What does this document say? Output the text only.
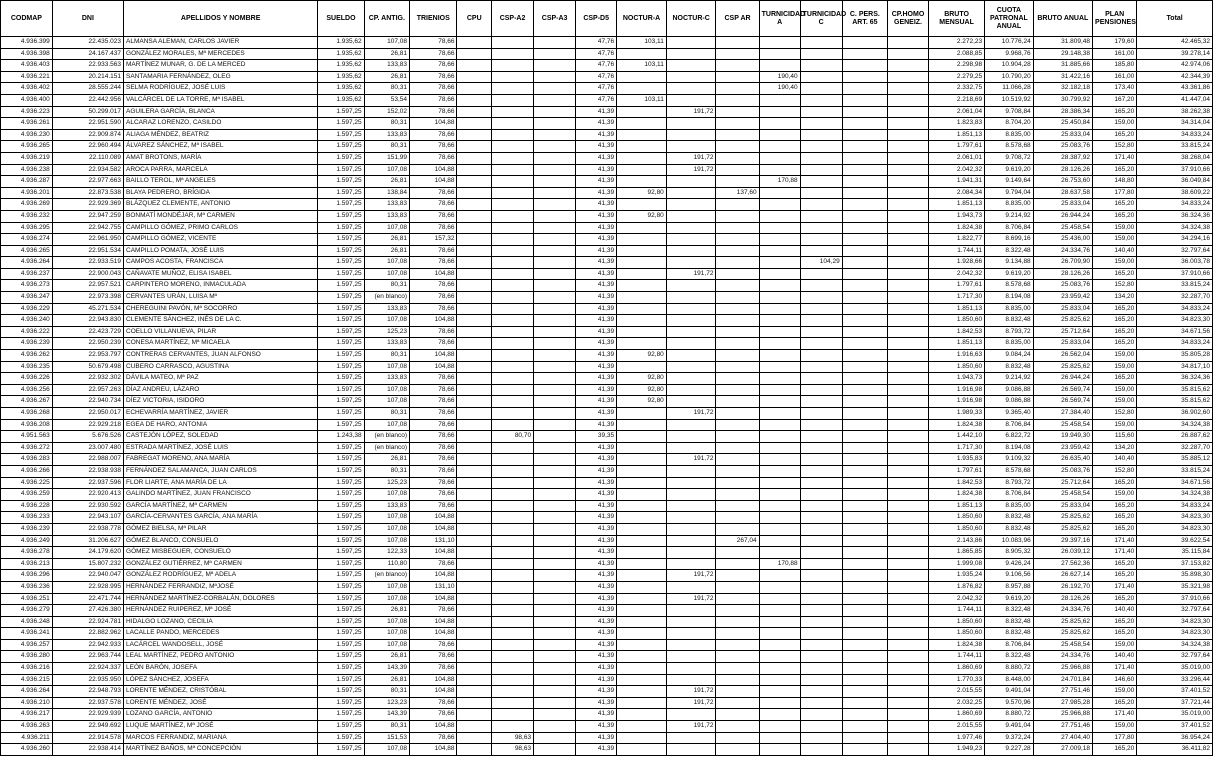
CODMAP	DNI	APELLIDOS Y NOMBRE	SUELDO	CP. ANTIG.	TRIENIOS	CPU	CSP-A2	CSP-A3	CSP-D5	NOCTUR-A	NOCTUR-C	CSP AR	TURNICIDAD A	TURNICIDAD C	C. PERS. ART. 65	CP.HOMO GENEIZ.	BRUTO MENSUAL	CUOTA PATRONAL ANUAL	BRUTO ANUAL	PLAN PENSIONES	Total
4.936.399	22.435.023	ALMANSA ALEMAN, CARLOS JAVIER	1.935,62	107,08	78,66				47,76	103,11							2.272,23	10.776,24	31.809,48	179,60	42.465,32
4.936.398	24.167.437	GONZÁLEZ MORALES, Mª MERCEDES	1.935,62	26,81	78,66				47,76								2.088,85	9.968,76	29.148,38	161,00	39.278,14
4.936.403	22.933.563	MARTÍNEZ MUNAR, G. DE LA MERCED	1.935,62	133,83	78,66				47,76	103,11							2.298,98	10.904,28	31.885,66	185,80	42.974,06
4.936.221	20.214.151	SANTAMARIA FERNÁNDEZ, OLEG	1.935,62	26,81	78,66				47,76				190,40				2.279,25	10.790,20	31.422,16	161,00	42.344,39
4.936.402	28.555.244	SELMA RODRÍGUEZ, JOSÉ LUIS	1.935,62	80,31	78,66				47,76				190,40				2.332,75	11.066,28	32.182,18	173,40	43.361,86
4.936.400	22.442.956	VALCÁRCEL DE LA TORRE, Mª ISABEL	1.935,62	53,54	78,66				47,76	103,11							2.218,69	10.519,92	30.799,92	167,20	41.447,04
4.936.223	50.299.017	AGUILERA GARCÍA, BLANCA	1.597,25	152,02	78,66				41,39		191,72						2.061,04	9.708,84	28.386,34	165,20	38.262,38
4.936.261	22.951.590	ALCARAZ LORENZO, CASILDO	1.597,25	80,31	104,88				41,39								1.823,83	8.704,20	25.450,84	159,00	34.314,04
4.936.230	22.909.874	ALIAGA MÉNDEZ, BEATRIZ	1.597,25	133,83	78,66				41,39								1.851,13	8.835,00	25.833,04	165,20	34.833,24
4.936.265	22.960.494	ÁLVAREZ SÁNCHEZ, Mª ISABEL	1.597,25	80,31	78,66				41,39								1.797,61	8.578,68	25.083,76	152,80	33.815,24
4.936.219	22.110.089	AMAT BROTONS, MARÍA	1.597,25	151,99	78,66				41,39		191,72						2.061,01	9.708,72	28.387,92	171,40	38.268,04
4.936.238	22.934.582	AROCA PARRA, MARCELA	1.597,25	107,08	104,88				41,39		191,72						2.042,32	9.619,20	28.126,26	165,20	37.910,66
4.936.287	22.977.663	BAILLO TEROL, Mª ANGELES	1.597,25	26,81	104,88				41,39				170,88				1.941,31	9.149,64	26.753,60	148,80	36.049,84
4.936.201	22.873.538	BLAYA PEDRERO, BRÍGIDA	1.597,25	138,84	78,66				41,39	92,80		137,60					2.084,34	9.794,04	28.637,58	177,80	38.609,22
4.936.269	22.929.369	BLÁZQUEZ CLEMENTE, ANTONIO	1.597,25	133,83	78,66				41,39								1.851,13	8.835,00	25.833,04	165,20	34.833,24
4.936.232	22.947.259	BONMATÍ MONDÉJAR, Mª CARMEN	1.597,25	133,83	78,66				41,39	92,80							1.943,73	9.214,92	26.944,24	165,20	36.324,36
4.936.295	22.942.755	CAMPILLO GÓMEZ, PRIMO CARLOS	1.597,25	107,08	78,66				41,39								1.824,38	8.706,84	25.458,54	159,00	34.324,38
4.936.274	22.961.950	CAMPILLO GÓMEZ, VICENTE	1.597,25	26,81	157,32				41,39								1.822,77	8.699,16	25.436,00	159,00	34.294,16
4.936.265	22.951.534	CAMPILLO POMATA, JOSÉ LUIS	1.597,25	26,81	78,66				41,39								1.744,11	8.322,48	24.334,76	140,40	32.797,64
4.936.264	22.933.519	CAMPOS ACOSTA, FRANCISCA	1.597,25	107,08	78,66				41,39					104,29			1.928,66	9.134,88	26.709,90	159,00	36.003,78
4.936.237	22.900.043	CAÑAVATE MUÑOZ, ELISA ISABEL	1.597,25	107,08	104,88				41,39		191,72						2.042,32	9.619,20	28.126,26	165,20	37.910,66
4.936.273	22.957.521	CARPINTERO MORENO, INMACULADA	1.597,25	80,31	78,66				41,39								1.797,61	8.578,68	25.083,76	152,80	33.815,24
4.936.247	22.973.398	CERVANTES URÁN, LUISA Mª	1.597,25	(en blanco)	78,66				41,39								1.717,30	8.194,08	23.959,42	134,20	32.287,70
4.936.229	45.271.534	CHEREGUINI PAVÓN, Mª SOCORRO	1.597,25	133,83	78,66				41,39								1.851,13	8.835,00	25.833,04	165,20	34.833,24
4.936.240	22.943.830	CLEMENTE SÁNCHEZ, INÉS DE LA C.	1.597,25	107,08	104,88				41,39								1.850,60	8.832,48	25.825,62	165,20	34.823,30
4.936.222	22.423.729	COELLO VILLANUEVA, PILAR	1.597,25	125,23	78,66				41,39								1.842,53	8.793,72	25.712,64	165,20	34.671,56
4.936.239	22.950.239	CONESA MARTÍNEZ, Mª MICAELA	1.597,25	133,83	78,66				41,39								1.851,13	8.835,00	25.833,04	165,20	34.833,24
4.936.262	22.953.797	CONTRERAS CERVANTES, JUAN ALFONSO	1.597,25	80,31	104,88				41,39	92,80							1.916,63	9.084,24	26.562,04	159,00	35.805,28
4.936.235	50.679.498	CUBERO CARRASCO, AGUSTINA	1.597,25	107,08	104,88				41,39								1.850,60	8.832,48	25.825,62	159,00	34.817,10
4.936.226	22.932.302	DÁVILA MATEO, Mª PAZ	1.597,25	133,83	78,66				41,39	92,80							1.943,73	9.214,92	26.944,24	165,20	36.324,36
4.936.256	22.957.263	DÍAZ ANDREU, LÁZARO	1.597,25	107,08	78,66				41,39	92,80							1.916,98	9.086,88	26.569,74	159,00	35.815,62
4.936.267	22.940.734	DÍEZ VICTORIA, ISIDORO	1.597,25	107,08	78,66				41,39	92,80							1.916,98	9.086,88	26.569,74	159,00	35.815,62
4.936.268	22.950.017	ECHEVARRÍA MARTÍNEZ, JAVIER	1.597,25	80,31	78,66				41,39		191,72						1.989,33	9.365,40	27.384,40	152,80	36.902,60
4.936.208	22.929.218	EGEA DE HARO, ANTONIA	1.597,25	107,08	78,66				41,39								1.824,38	8.706,84	25.458,54	159,00	34.324,38
4.951.563	5.676.526	CASTEJÓN LÓPEZ, SOLEDAD	1.243,38	(en blanco)	78,66		80,70		39,35								1.442,10	6.822,72	19.949,30	115,60	26.887,62
4.936.272	23.007.480	ESTRADA MARTÍNEZ, JOSÉ LUIS	1.597,25	(en blanco)	78,66				41,39								1.717,30	8.194,08	23.959,42	134,20	32.287,70
4.936.283	22.988.007	FABREGAT MORENO, ANA MARÍA	1.597,25	26,81	78,66				41,39		191,72						1.935,83	9.109,32	26.635,40	140,40	35.885,12
4.936.266	22.938.938	FERNÁNDEZ SALAMANCA, JUAN CARLOS	1.597,25	80,31	78,66				41,39								1.797,61	8.578,68	25.083,76	152,80	33.815,24
4.936.225	22.937.596	FLOR LIARTE, ANA MARÍA DE LA	1.597,25	125,23	78,66				41,39								1.842,53	8.793,72	25.712,64	165,20	34.671,56
4.936.259	22.920.413	GALINDO MARTÍNEZ, JUAN FRANCISCO	1.597,25	107,08	78,66				41,39								1.824,38	8.706,84	25.458,54	159,00	34.324,38
4.936.228	22.930.592	GARCÍA MARTÍNEZ, Mª CARMEN	1.597,25	133,83	78,66				41,39								1.851,13	8.835,00	25.833,04	165,20	34.833,24
4.936.233	22.943.107	GARCÍA-CERVANTES GARCÍA, ANA MARÍA	1.597,25	107,08	104,88				41,39								1.850,60	8.832,48	25.825,62	165,20	34.823,30
4.936.239	22.938.778	GÓMEZ BIELSA, Mª PILAR	1.597,25	107,08	104,88				41,39								1.850,60	8.832,48	25.825,62	165,20	34.823,30
4.936.249	31.206.627	GÓMEZ BLANCO, CONSUELO	1.597,25	107,08	131,10				41,39			267,04					2.143,86	10.083,96	29.397,16	171,40	39.622,54
4.936.278	24.179.620	GÓMEZ MISBEGUER, CONSUELO	1.597,25	122,33	104,88				41,39								1.865,85	8.905,32	26.039,12	171,40	35.115,84
4.936.213	15.807.232	GONZÁLEZ GUTIÉRREZ, Mª CARMEN	1.597,25	110,80	78,66				41,39				170,88				1.999,08	9.426,24	27.562,36	165,20	37.153,82
4.936.296	22.940.047	GONZÁLEZ RODRÍGUEZ, Mª ADELA	1.597,25	(en blanco)	104,88				41,39		191,72						1.935,24	9.106,56	26.627,14	165,20	35.898,30
4.936.236	22.928.995	HERNÁNDEZ FERRANDIZ, MªJOSÉ	1.597,25	107,08	131,10				41,39								1.876,82	8.957,88	26.192,70	171,40	35.321,98
4.936.251	22.471.744	HERNÁNDEZ MARTÍNEZ-CORBALÁN, DOLORES	1.597,25	107,08	104,88				41,39		191,72						2.042,32	9.619,20	28.126,26	165,20	37.910,66
4.936.279	27.426.380	HERNÁNDEZ RUIPEREZ, Mª JOSÉ	1.597,25	26,81	78,66				41,39								1.744,11	8.322,48	24.334,76	140,40	32.797,64
4.936.248	22.924.781	HIDALGO LOZANO, CECILIA	1.597,25	107,08	104,88				41,39								1.850,60	8.832,48	25.825,62	165,20	34.823,30
4.936.241	22.882.962	LACALLE PANDO, MERCEDES	1.597,25	107,08	104,88				41,39								1.850,60	8.832,48	25.825,62	165,20	34.823,30
4.936.257	22.942.933	LACÁRCEL WANDOSELL, JOSÉ	1.597,25	107,08	78,66				41,39								1.824,38	8.706,84	25.458,54	159,00	34.324,38
4.936.280	22.963.744	LEAL MARTÍNEZ, PEDRO ANTONIO	1.597,25	26,81	78,66				41,39								1.744,11	8.322,48	24.334,76	140,40	32.797,64
4.936.216	22.924.337	LEÓN BARÓN, JOSEFA	1.597,25	143,39	78,66				41,39								1.860,69	8.880,72	25.966,88	171,40	35.019,00
4.936.215	22.935.950	LÓPEZ SÁNCHEZ, JOSEFA	1.597,25	26,81	104,88				41,39								1.770,33	8.448,00	24.701,84	146,60	33.296,44
4.936.264	22.948.793	LORENTE MÉNDEZ, CRISTÓBAL	1.597,25	80,31	104,88				41,39		191,72						2.015,55	9.491,04	27.751,46	159,00	37.401,52
4.936.210	22.937.578	LORENTE MÉNDEZ, JOSÉ	1.597,25	123,23	78,66				41,39		191,72						2.032,25	9.570,96	27.985,28	165,20	37.721,44
4.936.217	22.929.939	LOZANO GARCÍA, ANTONIO	1.597,25	143,39	78,66				41,39								1.860,69	8.880,72	25.966,88	171,40	35.019,00
4.936.263	22.949.692	LUQUE MARTÍNEZ, Mª JOSÉ	1.597,25	80,31	104,88				41,39		191,72						2.015,55	9.491,04	27.751,46	159,00	37.401,52
4.936.211	22.914.578	MARCOS FERRANDIZ, MARIANA	1.597,25	151,53	78,66		98,63		41,39								1.977,46	9.372,24	27.404,40	177,80	36.954,24
4.936.260	22.938.414	MARTÍNEZ BAÑOS, Mª CONCEPCIÓN	1.597,25	107,08	104,88		98,63		41,39								1.949,23	9.227,28	27.009,18	165,20	36.411,82
